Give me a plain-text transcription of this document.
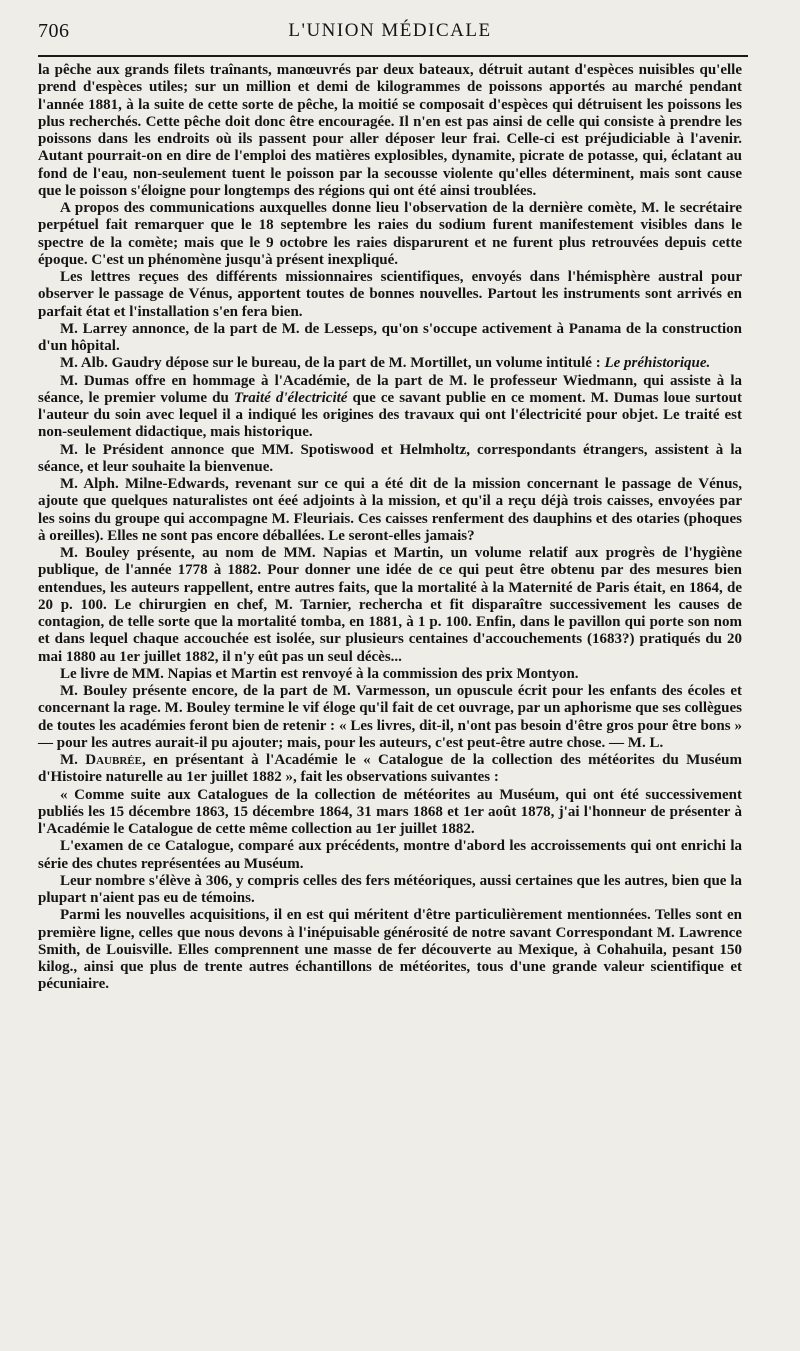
706	L'UNION MÉDICALE

la pêche aux grands filets traînants, manœuvrés par deux bateaux, détruit autant d'espèces nuisibles qu'elle prend d'espèces utiles; sur un million et demi de kilogrammes de poissons apportés au marché pendant l'année 1881, à la suite de cette sorte de pêche, la moitié se composait d'espèces qui détruisent les poissons les plus recherchés. Cette pêche doit donc être encouragée. Il n'en est pas ainsi de celle qui consiste à prendre les poissons dans les endroits où ils passent pour aller déposer leur frai. Celle-ci est préjudiciable à l'avenir. Autant pourrait-on en dire de l'emploi des matières explosibles, dynamite, picrate de potasse, qui, éclatant au fond de l'eau, non-seulement tuent le poisson par la secousse violente qu'elles déterminent, mais sont cause que le poisson s'éloigne pour longtemps des régions qui ont été ainsi troublées.

A propos des communications auxquelles donne lieu l'observation de la dernière comète, M. le secrétaire perpétuel fait remarquer que le 18 septembre les raies du sodium furent manifestement visibles dans le spectre de la comète; mais que le 9 octobre les raies disparurent et ne furent plus retrouvées depuis cette époque. C'est un phénomène jusqu'à présent inexpliqué.

Les lettres reçues des différents missionnaires scientifiques, envoyés dans l'hémisphère austral pour observer le passage de Vénus, apportent toutes de bonnes nouvelles. Partout les instruments sont arrivés en parfait état et l'installation s'en fera bien.

M. Larrey annonce, de la part de M. de Lesseps, qu'on s'occupe activement à Panama de la construction d'un hôpital.

M. Alb. Gaudry dépose sur le bureau, de la part de M. Mortillet, un volume intitulé : Le préhistorique.

M. Dumas offre en hommage à l'Académie, de la part de M. le professeur Wiedmann, qui assiste à la séance, le premier volume du Traité d'électricité que ce savant publie en ce moment. M. Dumas loue surtout l'auteur du soin avec lequel il a indiqué les origines des travaux qui ont l'électricité pour objet. Le traité est non-seulement didactique, mais historique.

M. le Président annonce que MM. Spotiswood et Helmholtz, correspondants étrangers, assistent à la séance, et leur souhaite la bienvenue.

M. Alph. Milne-Edwards, revenant sur ce qui a été dit de la mission concernant le passage de Vénus, ajoute que quelques naturalistes ont éeé adjoints à la mission, et qu'il a reçu déjà trois caisses, envoyées par les soins du groupe qui accompagne M. Fleuriais. Ces caisses renferment des dauphins et des otaries (phoques à oreilles). Elles ne sont pas encore déballées. Le seront-elles jamais?

M. Bouley présente, au nom de MM. Napias et Martin, un volume relatif aux progrès de l'hygiène publique, de l'année 1778 à 1882. Pour donner une idée de ce qui peut être obtenu par des mesures bien entendues, les auteurs rappellent, entre autres faits, que la mortalité à la Maternité de Paris était, en 1864, de 20 p. 100. Le chirurgien en chef, M. Tarnier, rechercha et fit disparaître successivement les causes de contagion, de telle sorte que la mortalité tomba, en 1881, à 1 p. 100. Enfin, dans le pavillon qui porte son nom et dans lequel chaque accouchée est isolée, sur plusieurs centaines d'accouchements (1683?) pratiqués du 20 mai 1880 au 1er juillet 1882, il n'y eût pas un seul décès...

Le livre de MM. Napias et Martin est renvoyé à la commission des prix Montyon.

M. Bouley présente encore, de la part de M. Varmesson, un opuscule écrit pour les enfants des écoles et concernant la rage. M. Bouley termine le vif éloge qu'il fait de cet ouvrage, par un aphorisme que ses collègues de toutes les académies feront bien de retenir : « Les livres, dit-il, n'ont pas besoin d'être gros pour être bons » — pour les autres aurait-il pu ajouter; mais, pour les auteurs, c'est peut-être autre chose. — M. L.

M. Daubrée, en présentant à l'Académie le « Catalogue de la collection des météorites du Muséum d'Histoire naturelle au 1er juillet 1882 », fait les observations suivantes :

« Comme suite aux Catalogues de la collection de météorites au Muséum, qui ont été successivement publiés les 15 décembre 1863, 15 décembre 1864, 31 mars 1868 et 1er août 1878, j'ai l'honneur de présenter à l'Académie le Catalogue de cette même collection au 1er juillet 1882.

L'examen de ce Catalogue, comparé aux précédents, montre d'abord les accroissements qui ont enrichi la série des chutes représentées au Muséum.

Leur nombre s'élève à 306, y compris celles des fers météoriques, aussi certaines que les autres, bien que la plupart n'aient pas eu de témoins.

Parmi les nouvelles acquisitions, il en est qui méritent d'être particulièrement mentionnées. Telles sont en première ligne, celles que nous devons à l'inépuisable générosité de notre savant Correspondant M. Lawrence Smith, de Louisville. Elles comprennent une masse de fer découverte au Mexique, à Cohahuila, pesant 150 kilog., ainsi que plus de trente autres échantillons de météorites, tous d'une grande valeur scientifique et pécuniaire.
